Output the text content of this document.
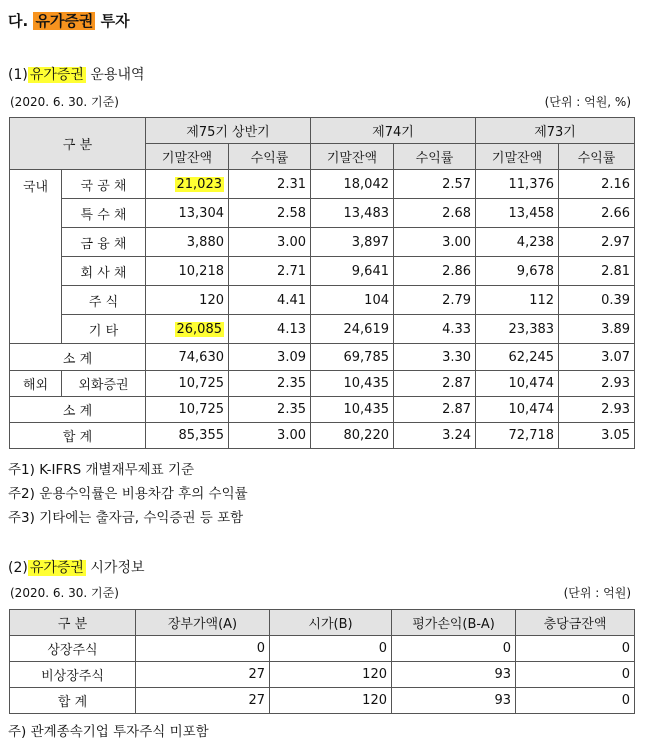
다. 유가증권 투자
(1) 유가증권 운용내역
(2020. 6. 30. 기준)	(단위 : 억원, %)
구 분		제75기 상반기		제74기		제73기	
		기말잔액	수익률	기말잔액	수익률	기말잔액	수익률
국내	국 공 채	21,023	2.31	18,042	2.57	11,376	2.16
	특 수 채	13,304	2.58	13,483	2.68	13,458	2.66
	금 융 채	3,880	3.00	3,897	3.00	4,238	2.97
	회 사 채	10,218	2.71	9,641	2.86	9,678	2.81
	주 식	120	4.41	104	2.79	112	0.39
	기 타	26,085	4.13	24,619	4.33	23,383	3.89
소 계		74,630	3.09	69,785	3.30	62,245	3.07
해외	외화증권	10,725	2.35	10,435	2.87	10,474	2.93
소 계		10,725	2.35	10,435	2.87	10,474	2.93
합 계		85,355	3.00	80,220	3.24	72,718	3.05
주1) K-IFRS 개별재무제표 기준
주2) 운용수익률은 비용차감 후의 수익률
주3) 기타에는 출자금, 수익증권 등 포함
(2) 유가증권 시가정보
(2020. 6. 30. 기준)	(단위 : 억원)
구 분	장부가액(A)	시가(B)	평가손익(B-A)	충당금잔액
상장주식	0	0	0	0
비상장주식	27	120	93	0
합 계	27	120	93	0
주) 관계종속기업 투자주식 미포함
